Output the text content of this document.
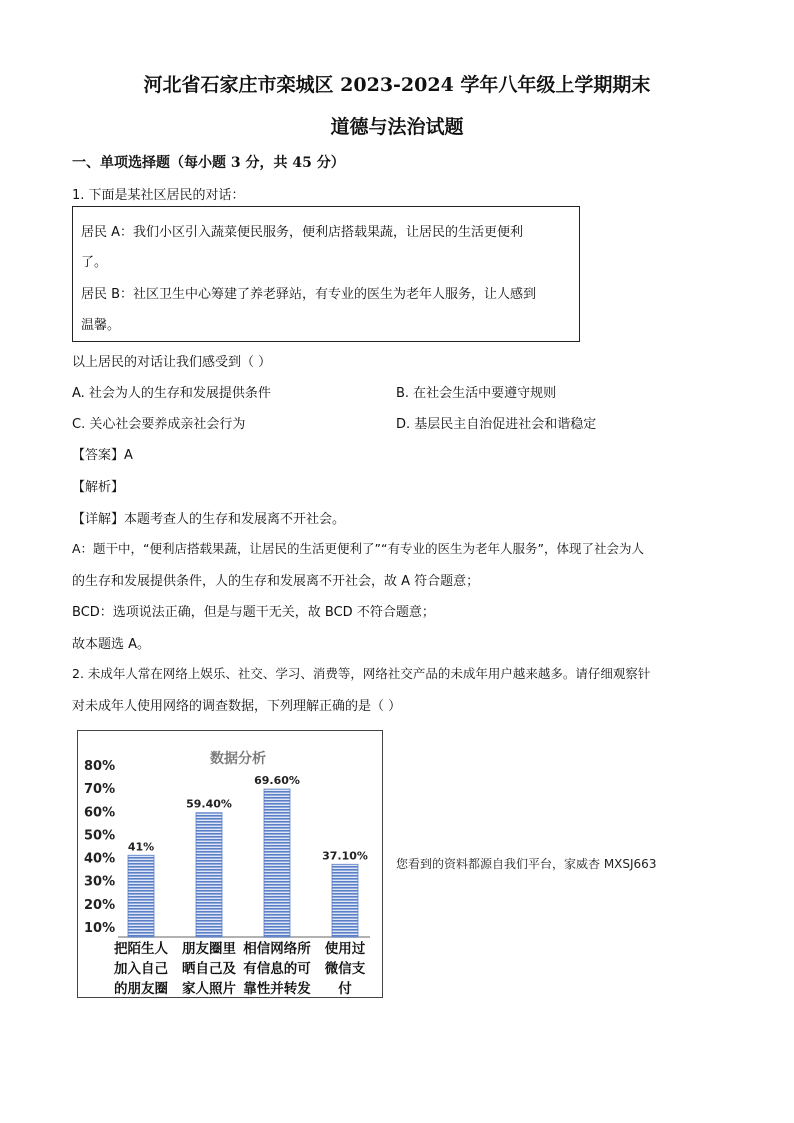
河北省石家庄市栾城区 2023-2024 学年八年级上学期期末
道德与法治试题
一、单项选择题（每小题 3 分，共 45 分）
1. 下面是某社区居民的对话：
居民 A：我们小区引入蔬菜便民服务，便利店搭载果蔬，让居民的生活更便利
了。
居民 B：社区卫生中心筹建了养老驿站，有专业的医生为老年人服务，让人感到
温馨。
以上居民的对话让我们感受到（ ）
A. 社会为人的生存和发展提供条件	B. 在社会生活中要遵守规则
C. 关心社会要养成亲社会行为	D. 基层民主自治促进社会和谐稳定
【答案】A
【解析】
【详解】本题考查人的生存和发展离不开社会。
A：题干中，“便利店搭载果蔬，让居民的生活更便利了”“有专业的医生为老年人服务”，体现了社会为人
的生存和发展提供条件，人的生存和发展离不开社会，故 A 符合题意；
BCD：选项说法正确，但是与题干无关，故 BCD 不符合题意；
故本题选 A。
2. 未成年人常在网络上娱乐、社交、学习、消费等，网络社交产品的未成年用户越来越多。请仔细观察针
对未成年人使用网络的调查数据，下列理解正确的是（ ）
数据分析
10%
20%
30%
40%
50%
60%
70%
80%
41%
把陌生人
加入自己
的朋友圈
59.40%
朋友圈里
晒自己及
家人照片
69.60%
相信网络所
有信息的可
靠性并转发
37.10%
使用过
微信支
付
您看到的资料都源自我们平台，家威杏 MXSJ663
